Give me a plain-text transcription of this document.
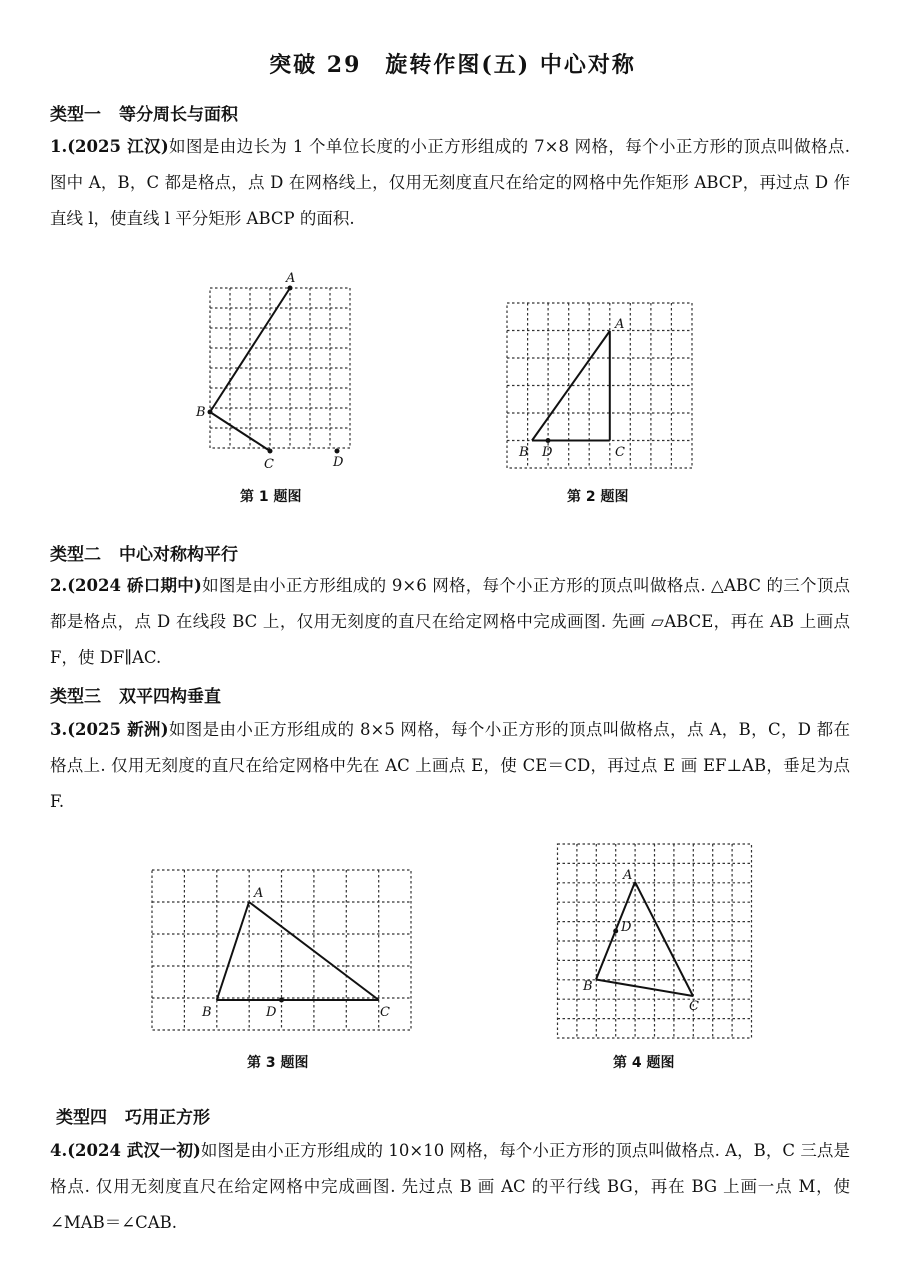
突破 29　旋转作图(五) 中心对称
类型一 等分周长与面积
1.(2025 江汉)如图是由边长为 1 个单位长度的小正方形组成的 7×8 网格，每个小正方形的顶点叫做格点. 图中 A，B，C 都是格点，点 D 在网格线上，仅用无刻度直尺在给定的网格中先作矩形 ABCP，再过点 D 作直线 l，使直线 l 平分矩形 ABCP 的面积.
A
B
C	D
第 1 题图
A
B D	C
第 2 题图
类型二 中心对称构平行
2.(2024 硚口期中)如图是由小正方形组成的 9×6 网格，每个小正方形的顶点叫做格点. △ABC 的三个顶点都是格点，点 D 在线段 BC 上，仅用无刻度的直尺在给定网格中完成画图. 先画 ▱ABCE，再在 AB 上画点 F，使 DF∥AC.
类型三 双平四构垂直
3.(2025 新洲)如图是由小正方形组成的 8×5 网格，每个小正方形的顶点叫做格点，点 A，B，C，D 都在格点上. 仅用无刻度的直尺在给定网格中先在 AC 上画点 E，使 CE＝CD，再过点 E 画 EF⊥AB，垂足为点 F.
A
B	D	C
第 3 题图
A
B
D
C
第 4 题图
类型四 巧用正方形
4.(2024 武汉一初)如图是由小正方形组成的 10×10 网格，每个小正方形的顶点叫做格点. A，B，C 三点是格点. 仅用无刻度直尺在给定网格中完成画图. 先过点 B 画 AC 的平行线 BG，再在 BG 上画一点 M，使∠MAB＝∠CAB.
